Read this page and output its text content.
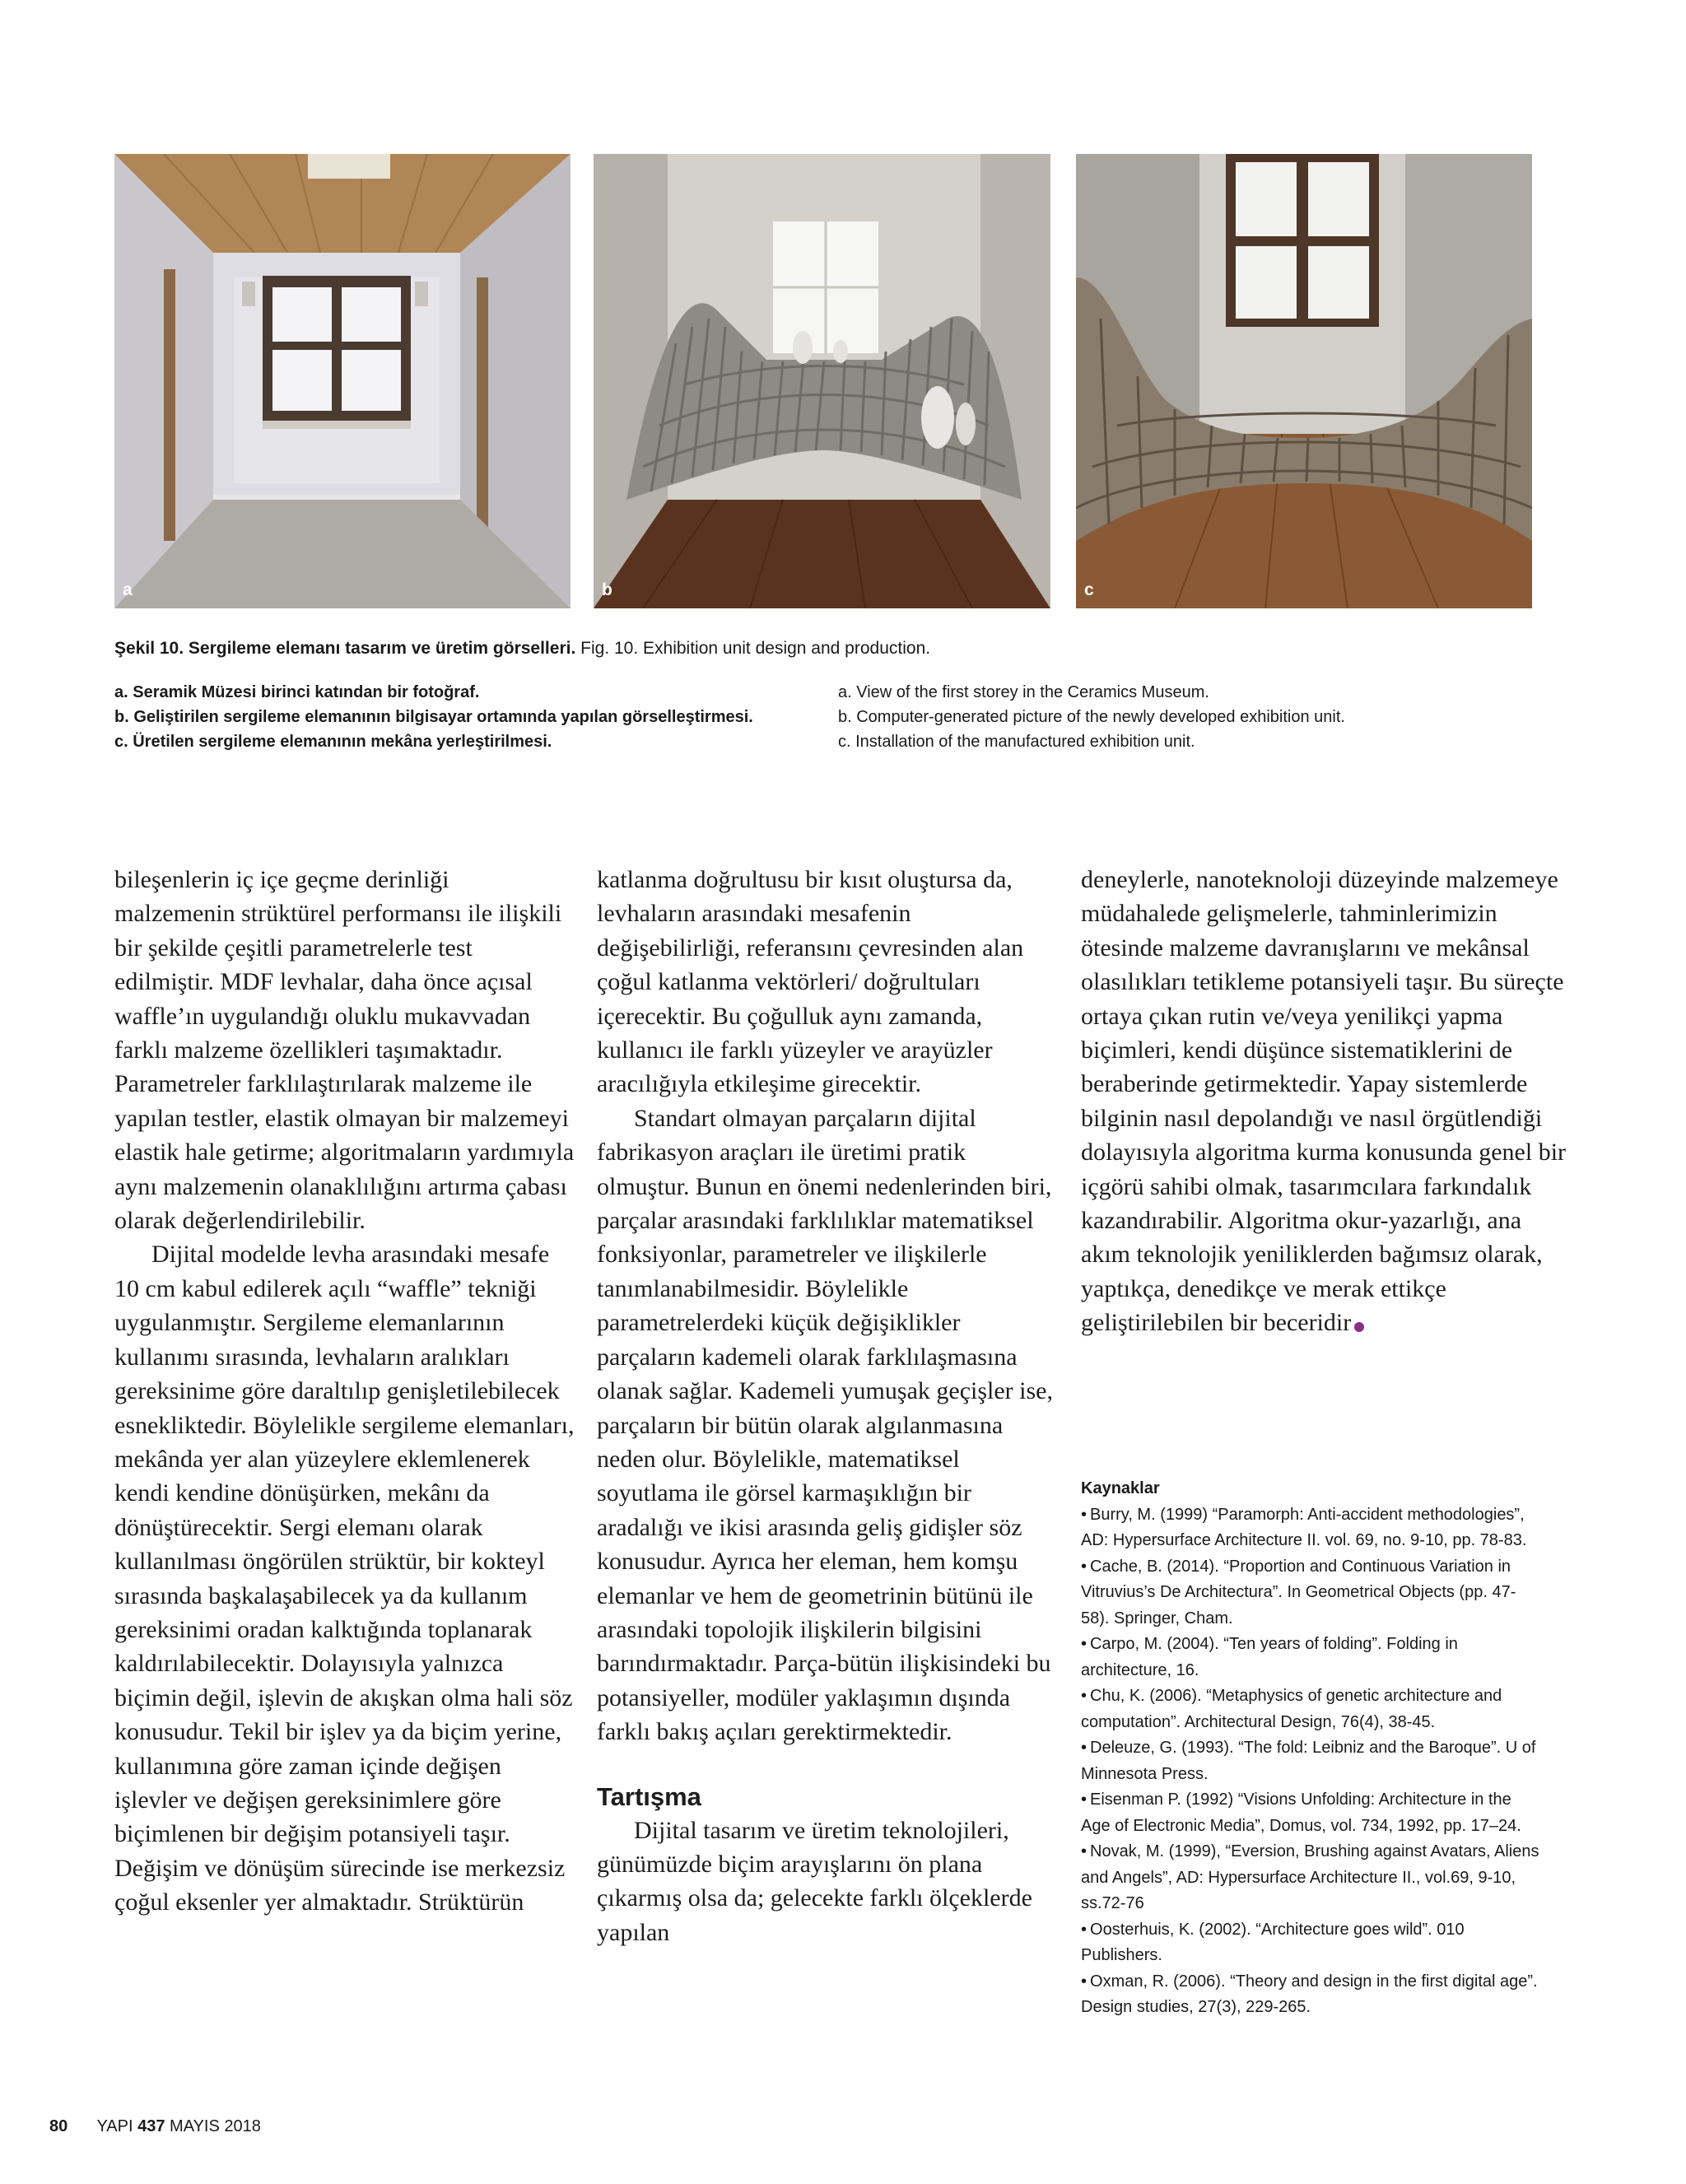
a	b	c
Şekil 10. Sergileme elemanı tasarım ve üretim görselleri. Fig. 10. Exhibition unit design and production.
a. Seramik Müzesi birinci katından bir fotoğraf.
b. Geliştirilen sergileme elemanının bilgisayar ortamında yapılan görselleştirmesi.
c. Üretilen sergileme elemanının mekâna yerleştirilmesi.
a. View of the first storey in the Ceramics Museum.
b. Computer-generated picture of the newly developed exhibition unit.
c. Installation of the manufactured exhibition unit.

bileşenlerin iç içe geçme derinliği malzemenin strüktürel performansı ile ilişkili bir şekilde çeşitli parametrelerle test edilmiştir. MDF levhalar, daha önce açısal waffle’ın uygulandığı oluklu mukavvadan farklı malzeme özellikleri taşımaktadır. Parametreler farklılaştırılarak malzeme ile yapılan testler, elastik olmayan bir malzemeyi elastik hale getirme; algoritmaların yardımıyla aynı malzemenin olanaklılığını artırma çabası olarak değerlendirilebilir.

Dijital modelde levha arasındaki mesafe 10 cm kabul edilerek açılı “waffle” tekniği uygulanmıştır. Sergileme elemanlarının kullanımı sırasında, levhaların aralıkları gereksinime göre daraltılıp genişletilebilecek esnekliktedir. Böylelikle sergileme elemanları, mekânda yer alan yüzeylere eklemlenerek kendi kendine dönüşürken, mekânı da dönüştürecektir. Sergi elemanı olarak kullanılması öngörülen strüktür, bir kokteyl sırasında başkalaşabilecek ya da kullanım gereksinimi oradan kalktığında toplanarak kaldırılabilecektir. Dolayısıyla yalnızca biçimin değil, işlevin de akışkan olma hali söz konusudur. Tekil bir işlev ya da biçim yerine, kullanımına göre zaman içinde değişen işlevler ve değişen gereksinimlere göre biçimlenen bir değişim potansiyeli taşır. Değişim ve dönüşüm sürecinde ise merkezsiz çoğul eksenler yer almaktadır. Strüktürün

katlanma doğrultusu bir kısıt oluştursa da, levhaların arasındaki mesafenin değişebilirliği, referansını çevresinden alan çoğul katlanma vektörleri/ doğrultuları içerecektir. Bu çoğulluk aynı zamanda, kullanıcı ile farklı yüzeyler ve arayüzler aracılığıyla etkileşime girecektir.

Standart olmayan parçaların dijital fabrikasyon araçları ile üretimi pratik olmuştur. Bunun en önemi nedenlerinden biri, parçalar arasındaki farklılıklar matematiksel fonksiyonlar, parametreler ve ilişkilerle tanımlanabilmesidir. Böylelikle parametrelerdeki küçük değişiklikler parçaların kademeli olarak farklılaşmasına olanak sağlar. Kademeli yumuşak geçişler ise, parçaların bir bütün olarak algılanmasına neden olur. Böylelikle, matematiksel soyutlama ile görsel karmaşıklığın bir aradalığı ve ikisi arasında geliş gidişler söz konusudur. Ayrıca her eleman, hem komşu elemanlar ve hem de geometrinin bütünü ile arasındaki topolojik ilişkilerin bilgisini barındırmaktadır. Parça-bütün ilişkisindeki bu potansiyeller, modüler yaklaşımın dışında farklı bakış açıları gerektirmektedir.

Tartışma

Dijital tasarım ve üretim teknolojileri, günümüzde biçim arayışlarını ön plana çıkarmış olsa da; gelecekte farklı ölçeklerde yapılan

deneylerle, nanoteknoloji düzeyinde malzemeye müdahalede gelişmelerle, tahminlerimizin ötesinde malzeme davranışlarını ve mekânsal olasılıkları tetikleme potansiyeli taşır. Bu süreçte ortaya çıkan rutin ve/veya yenilikçi yapma biçimleri, kendi düşünce sistematiklerini de beraberinde getirmektedir. Yapay sistemlerde bilginin nasıl depolandığı ve nasıl örgütlendiği dolayısıyla algoritma kurma konusunda genel bir içgörü sahibi olmak, tasarımcılara farkındalık kazandırabilir. Algoritma okur-yazarlığı, ana akım teknolojik yeniliklerden bağımsız olarak, yaptıkça, denedikçe ve merak ettikçe geliştirilebilen bir beceridir

Kaynaklar

• Burry, M. (1999) “Paramorph: Anti-accident methodologies”, AD: Hypersurface Architecture II. vol. 69, no. 9-10, pp. 78-83.

• Cache, B. (2014). “Proportion and Continuous Variation in Vitruvius’s De Architectura”. In Geometrical Objects (pp. 47-58). Springer, Cham.

• Carpo, M. (2004). “Ten years of folding”. Folding in architecture, 16.

• Chu, K. (2006). “Metaphysics of genetic architecture and computation”. Architectural Design, 76(4), 38-45.

• Deleuze, G. (1993). “The fold: Leibniz and the Baroque”. U of Minnesota Press.

• Eisenman P. (1992) “Visions Unfolding: Architecture in the Age of Electronic Media”, Domus, vol. 734, 1992, pp. 17–24.

• Novak, M. (1999), “Eversion, Brushing against Avatars, Aliens and Angels”, AD: Hypersurface Architecture II., vol.69, 9-10, ss.72-76

• Oosterhuis, K. (2002). “Architecture goes wild”. 010 Publishers.

• Oxman, R. (2006). “Theory and design in the first digital age”. Design studies, 27(3), 229-265.

80 YAPI 437 MAYIS 2018
